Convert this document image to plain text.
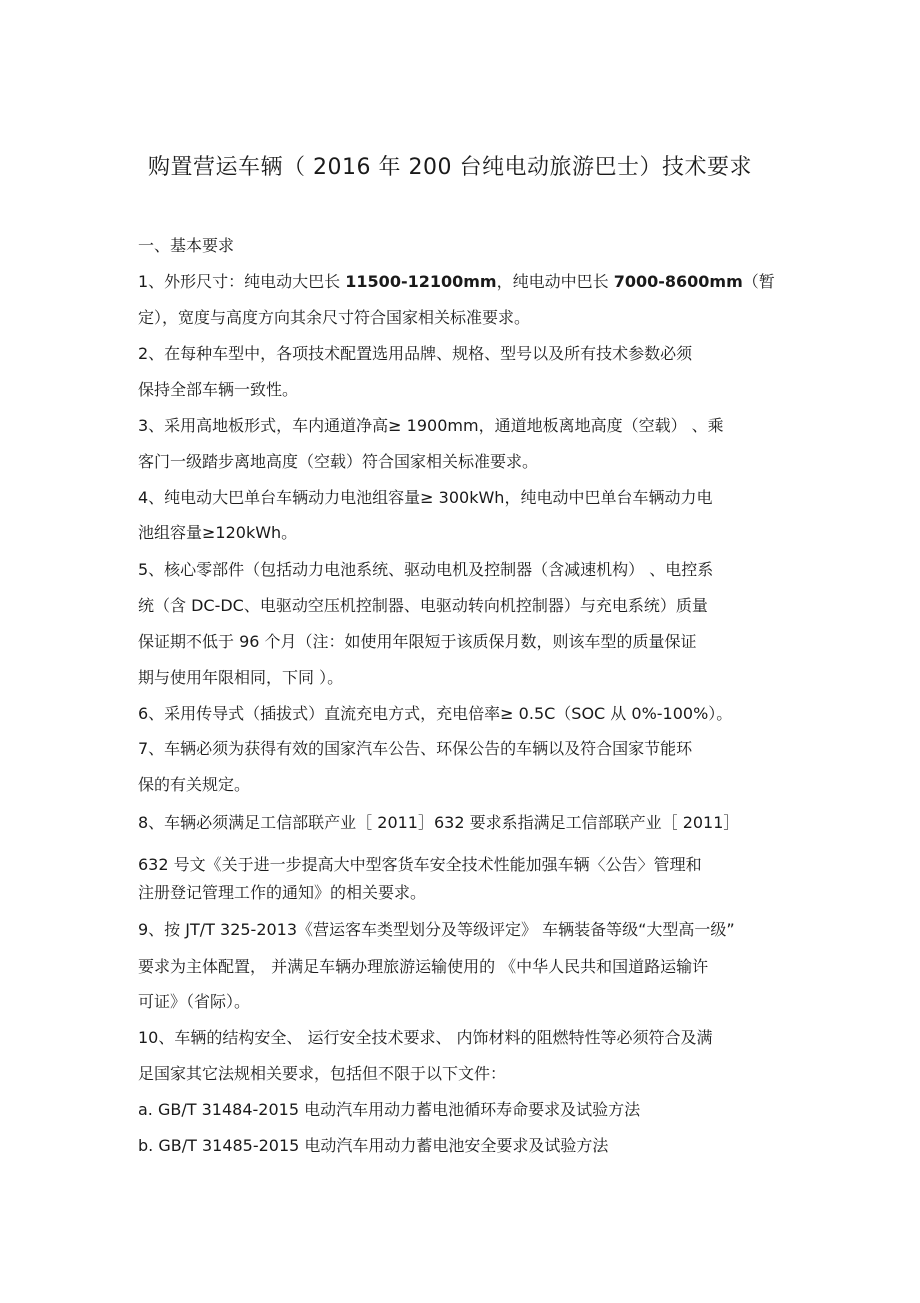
购置营运车辆（ 2016 年 200 台纯电动旅游巴士）技术要求
一、基本要求
1、外形尺寸：纯电动大巴长 11500-12100mm，纯电动中巴长 7000-8600mm（暂
定），宽度与高度方向其余尺寸符合国家相关标准要求。
2、在每种车型中，各项技术配置选用品牌、规格、型号以及所有技术参数必须
保持全部车辆一致性。
3、采用高地板形式，车内通道净高≥ 1900mm，通道地板离地高度（空载） 、乘
客门一级踏步离地高度（空载）符合国家相关标准要求。
4、纯电动大巴单台车辆动力电池组容量≥ 300kWh，纯电动中巴单台车辆动力电
池组容量≥120kWh。
5、核心零部件（包括动力电池系统、驱动电机及控制器（含减速机构） 、电控系
统（含 DC-DC、电驱动空压机控制器、电驱动转向机控制器）与充电系统）质量
保证期不低于 96 个月（注：如使用年限短于该质保月数，则该车型的质量保证
期与使用年限相同，下同 ）。
6、采用传导式（插拔式）直流充电方式，充电倍率≥ 0.5C（SOC 从 0%-100%）。
7、车辆必须为获得有效的国家汽车公告、环保公告的车辆以及符合国家节能环
保的有关规定。
8、车辆必须满足工信部联产业［ 2011］632 要求系指满足工信部联产业［ 2011］
632 号文《关于进一步提高大中型客货车安全技术性能加强车辆〈公告〉管理和
注册登记管理工作的通知》的相关要求。
9、按 JT/T 325-2013《营运客车类型划分及等级评定》 车辆装备等级“大型高一级”
要求为主体配置， 并满足车辆办理旅游运输使用的 《中华人民共和国道路运输许
可证》（省际）。
10、车辆的结构安全、 运行安全技术要求、 内饰材料的阻燃特性等必须符合及满
足国家其它法规相关要求，包括但不限于以下文件：
a. GB/T 31484-2015 电动汽车用动力蓄电池循环寿命要求及试验方法
b. GB/T 31485-2015 电动汽车用动力蓄电池安全要求及试验方法
